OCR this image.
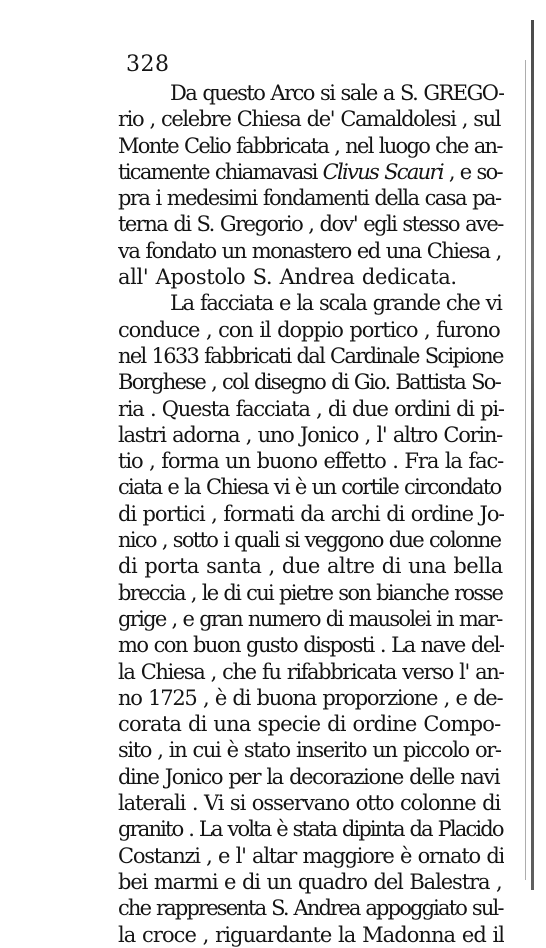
328
Da questo Arco si sale a S. GREGO-
rio , celebre Chiesa de' Camaldolesi , sul
Monte Celio fabbricata , nel luogo che an-
ticamente chiamavasi Clivus Scauri , e so-
pra i medesimi fondamenti della casa pa-
terna di S. Gregorio , dov' egli stesso ave-
va fondato un monastero ed una Chiesa ,
all' Apostolo S. Andrea dedicata.
La facciata e la scala grande che vi
conduce , con il doppio portico , furono
nel 1633 fabbricati dal Cardinale Scipione
Borghese , col disegno di Gio. Battista So-
ria . Questa facciata , di due ordini di pi-
lastri adorna , uno Jonico , l' altro Corin-
tio , forma un buono effetto . Fra la fac-
ciata e la Chiesa vi è un cortile circondato
di portici , formati da archi di ordine Jo-
nico , sotto i quali si veggono due colonne
di porta santa , due altre di una bella
breccia , le di cui pietre son bianche rosse
grige , e gran numero di mausolei in mar-
mo con buon gusto disposti . La nave del-
la Chiesa , che fu rifabbricata verso l' an-
no 1725 , è di buona proporzione , e de-
corata di una specie di ordine Compo-
sito , in cui è stato inserito un piccolo or-
dine Jonico per la decorazione delle navi
laterali . Vi si osservano otto colonne di
granito . La volta è stata dipinta da Placido
Costanzi , e l' altar maggiore è ornato di
bei marmi e di un quadro del Balestra ,
che rappresenta S. Andrea appoggiato sul-
la croce , riguardante la Madonna ed il
